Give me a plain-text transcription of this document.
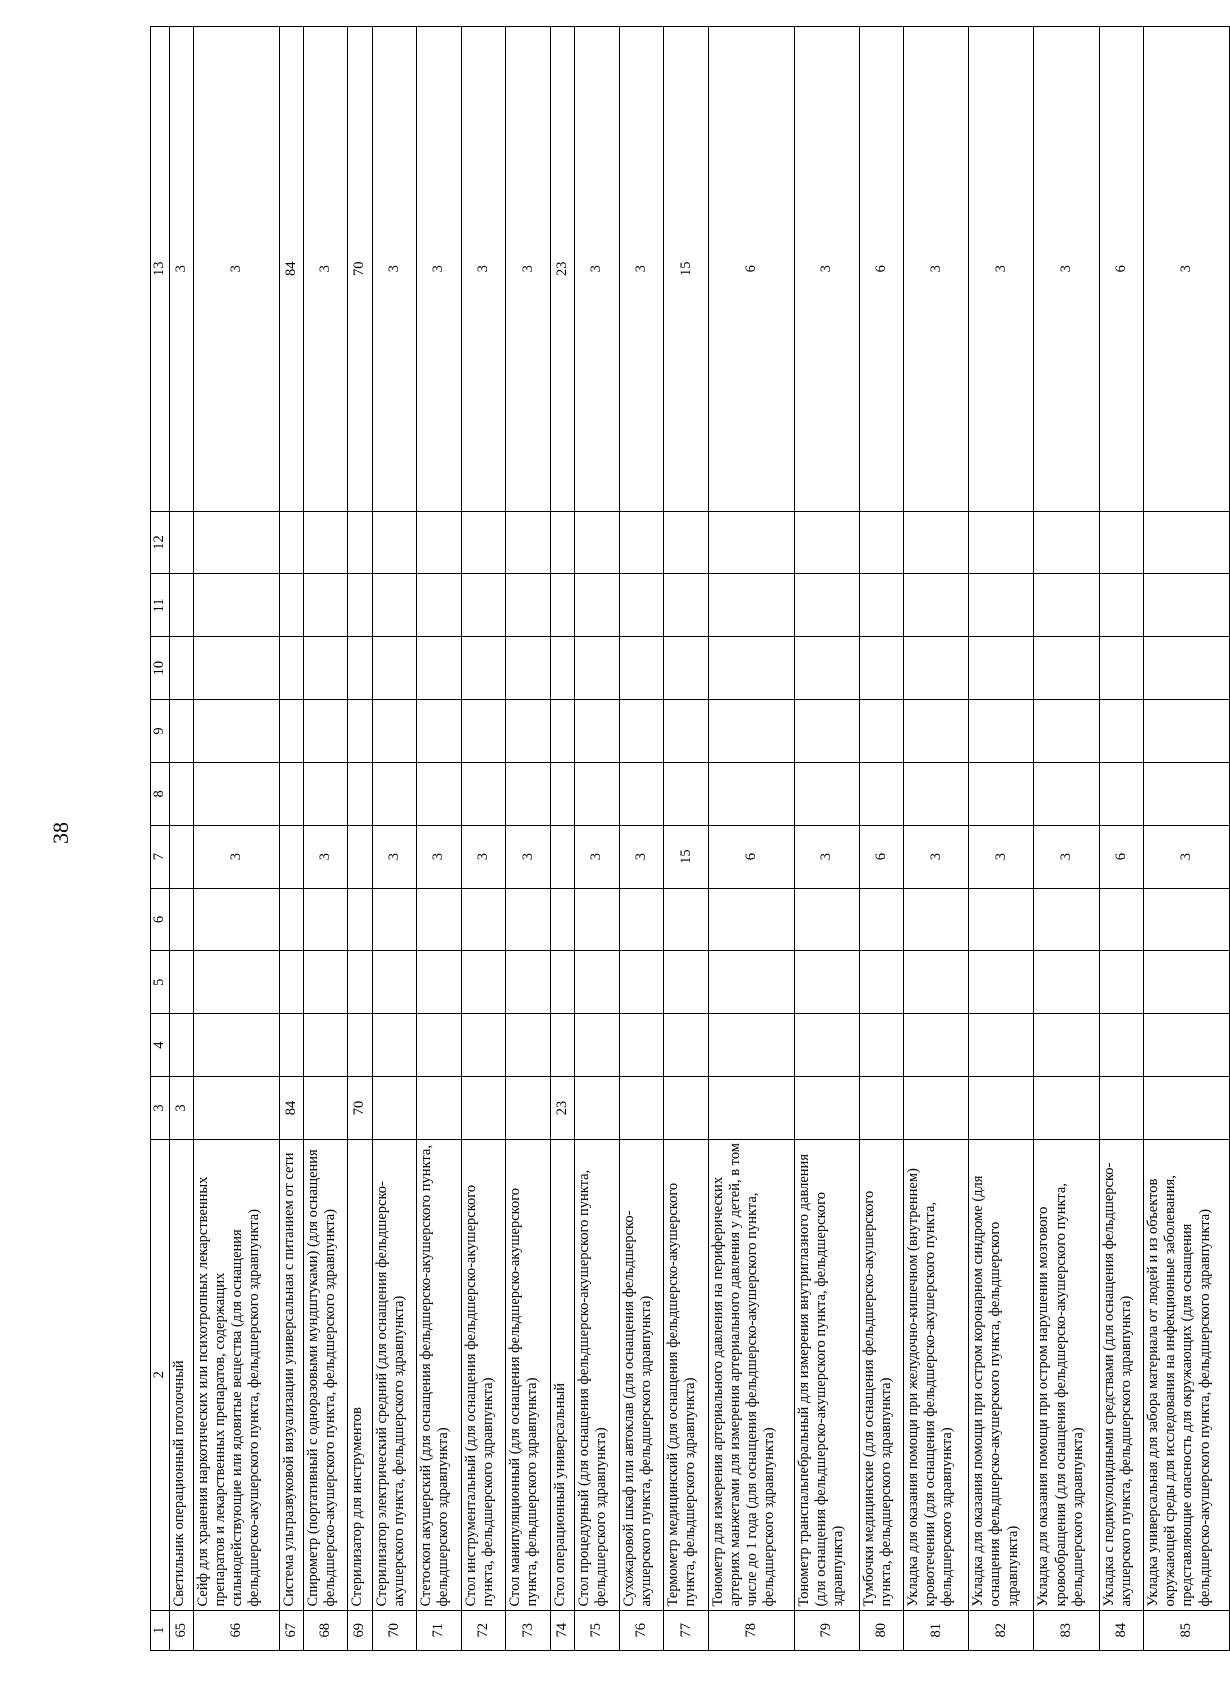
38
1	2	3	4	5	6	7	8	9	10	11	12	13
65	Светильник операционный потолочный	3										3
66	Сейф для хранения наркотических или психотропных лекарственных препаратов и лекарственных препаратов, содержащих сильнодействующие или ядовитые вещества (для оснащения фельдшерско-акушерского пункта, фельдшерского здравпункта)					3						3
67	Система ультразвуковой визуализации универсальная с питанием от сети	84										84
68	Спирометр (портативный с одноразовыми мундштуками) (для оснащения фельдшерско-акушерского пункта, фельдшерского здравпункта)					3						3
69	Стерилизатор для инструментов	70										70
70	Стерилизатор электрический средний (для оснащения фельдшерско-акушерского пункта, фельдшерского здравпункта)					3						3
71	Стетоскоп акушерский (для оснащения фельдшерско-акушерского пункта, фельдшерского здравпункта)					3						3
72	Стол инструментальный (для оснащения фельдшерско-акушерского пункта, фельдшерского здравпункта)					3						3
73	Стол манипуляционный (для оснащения фельдшерско-акушерского пункта, фельдшерского здравпункта)					3						3
74	Стол операционный универсальный	23										23
75	Стол процедурный (для оснащения фельдшерско-акушерского пункта, фельдшерского здравпункта)					3						3
76	Сухожаровой шкаф или автоклав (для оснащения фельдшерско-акушерского пункта, фельдшерского здравпункта)					3						3
77	Термометр медицинский (для оснащения фельдшерско-акушерского пункта, фельдшерского здравпункта)					15						15
78	Тонометр для измерения артериального давления на периферических артериях манжетами для измерения артериального давления у детей, в том числе до 1 года (для оснащения фельдшерско-акушерского пункта, фельдшерского здравпункта)					6						6
79	Тонометр транспальпебральный для измерения внутриглазного давления (для оснащения фельдшерско-акушерского пункта, фельдшерского здравпункта)					3						3
80	Тумбочки медицинские (для оснащения фельдшерско-акушерского пункта, фельдшерского здравпункта)					6						6
81	Укладка для оказания помощи при желудочно-кишечном (внутреннем) кровотечении (для оснащения фельдшерско-акушерского пункта, фельдшерского здравпункта)					3						3
82	Укладка для оказания помощи при остром коронарном синдроме (для оснащения фельдшерско-акушерского пункта, фельдшерского здравпункта)					3						3
83	Укладка для оказания помощи при остром нарушении мозгового кровообращения (для оснащения фельдшерско-акушерского пункта, фельдшерского здравпункта)					3						3
84	Укладка с педикулоцидными средствами (для оснащения фельдшерско-акушерского пункта, фельдшерского здравпункта)					6						6
85	Укладка универсальная для забора материала от людей и из объектов окружающей среды для исследования на инфекционные заболевания, представляющие опасность для окружающих (для оснащения фельдшерско-акушерского пункта, фельдшерского здравпункта)					3						3
